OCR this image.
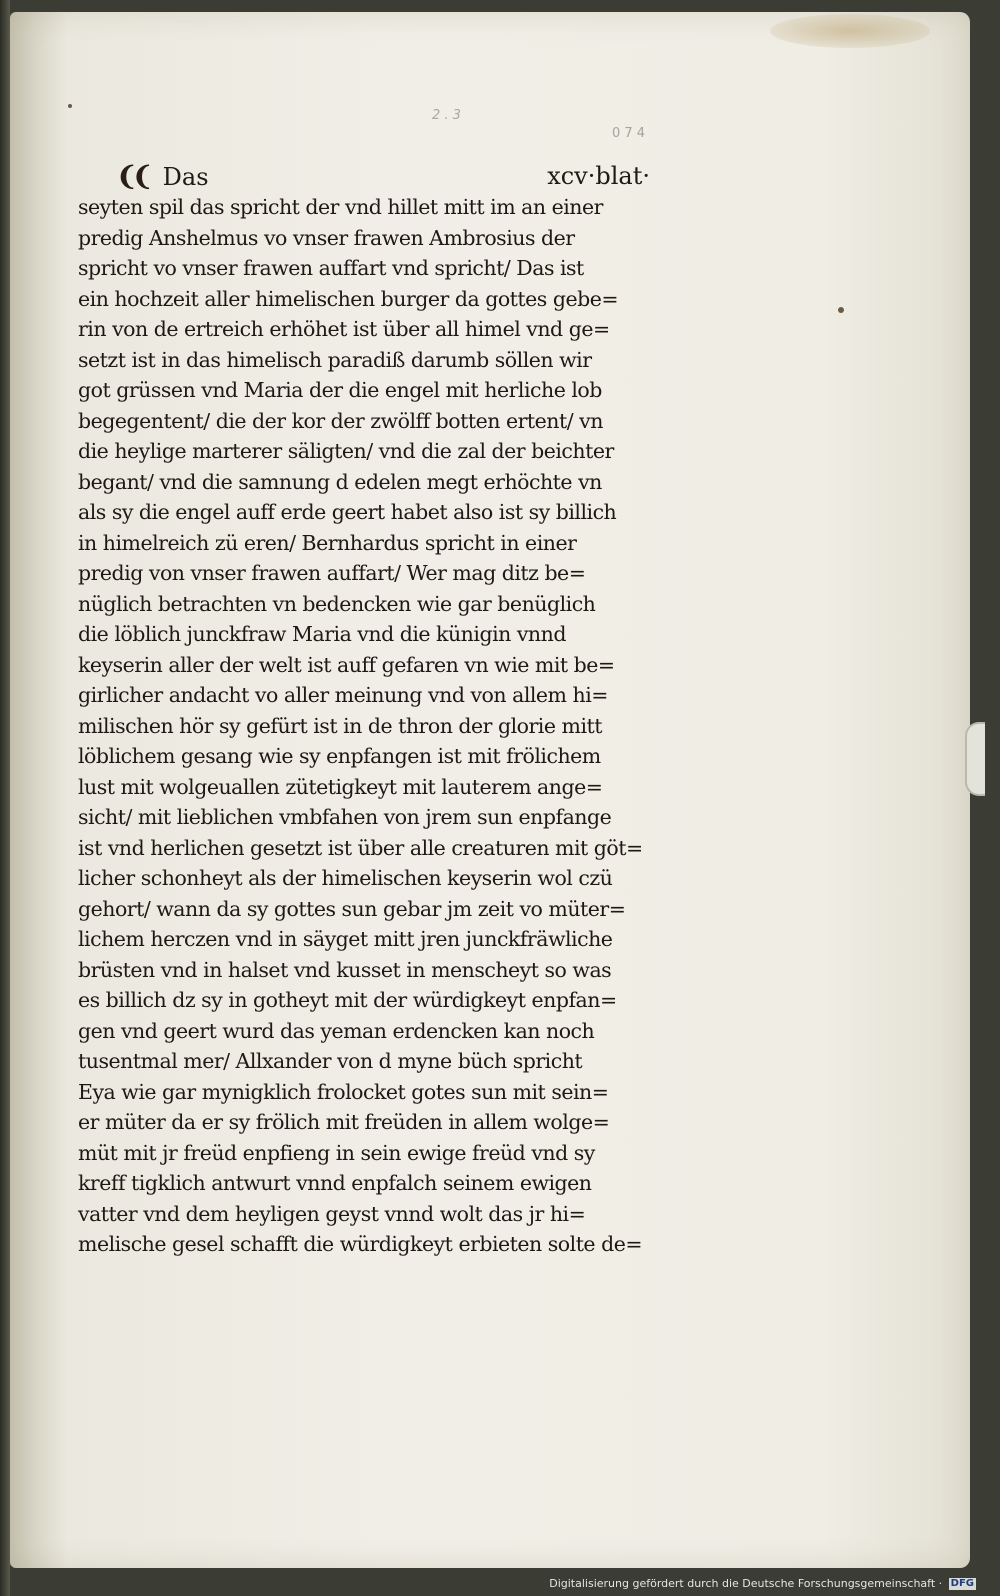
2 . 3
0 7 4
❨❨ Das	xcv·blat·
seyten spil das spricht der vnd hillet mitt im an einer
predig Anshelmus vo vnser frawen Ambrosius der
spricht vo vnser frawen auffart vnd spricht/ Das ist
ein hochzeit aller himelischen burger da gottes gebe=
rin von de ertreich erhöhet ist über all himel vnd ge=
setzt ist in das himelisch paradiß darumb söllen wir
got grüssen vnd Maria der die engel mit herliche lob
begegentent/ die der kor der zwölff botten ertent/ vn
die heylige marterer säligten/ vnd die zal der beichter
begant/ vnd die samnung d edelen megt erhöchte vn
als sy die engel auff erde geert habet also ist sy billich
in himelreich zü eren/ Bernhardus spricht in einer
predig von vnser frawen auffart/ Wer mag ditz be=
nüglich betrachten vn bedencken wie gar benüglich
die löblich junckfraw Maria vnd die künigin vnnd
keyserin aller der welt ist auff gefaren vn wie mit be=
girlicher andacht vo aller meinung vnd von allem hi=
milischen hör sy gefürt ist in de thron der glorie mitt
löblichem gesang wie sy enpfangen ist mit frölichem
lust mit wolgeuallen zütetigkeyt mit lauterem ange=
sicht/ mit lieblichen vmbfahen von jrem sun enpfange
ist vnd herlichen gesetzt ist über alle creaturen mit göt=
licher schonheyt als der himelischen keyserin wol czü
gehort/ wann da sy gottes sun gebar jm zeit vo müter=
lichem herczen vnd in säyget mitt jren junckfräwliche
brüsten vnd in halset vnd kusset in menscheyt so was
es billich dz sy in gotheyt mit der würdigkeyt enpfan=
gen vnd geert wurd das yeman erdencken kan noch
tusentmal mer/ Allxander von d myne büch spricht
Eya wie gar mynigklich frolocket gotes sun mit sein=
er müter da er sy frölich mit freüden in allem wolge=
müt mit jr freüd enpfieng in sein ewige freüd vnd sy
kreff tigklich antwurt vnnd enpfalch seinem ewigen
vatter vnd dem heyligen geyst vnnd wolt das jr hi=
melische gesel schafft die würdigkeyt erbieten solte de=
Digitalisierung gefördert durch die Deutsche Forschungsgemeinschaft · DFG
